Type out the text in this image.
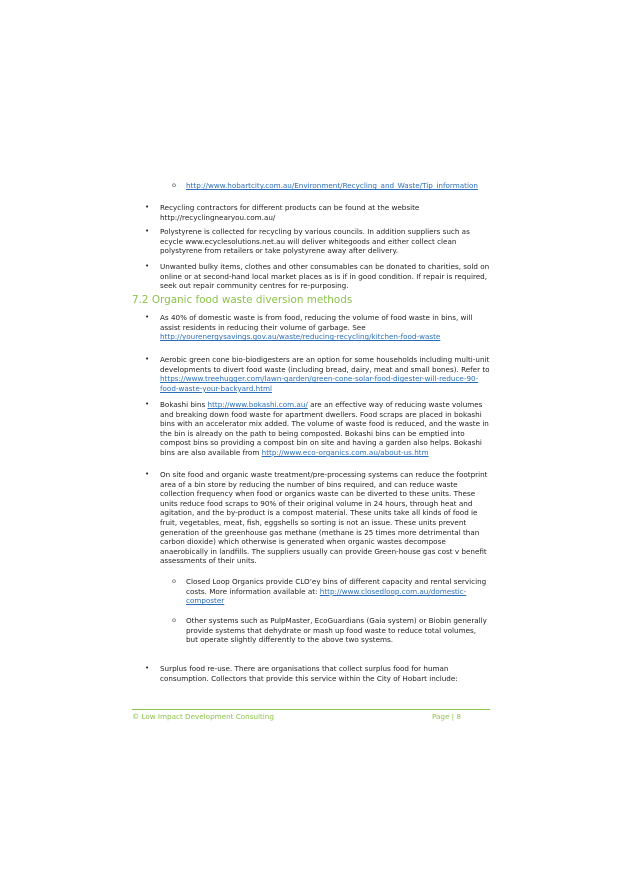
o http://www.hobartcity.com.au/Environment/Recycling_and_Waste/Tip_information
• Recycling contractors for different products can be found at the website http://recyclingnearyou.com.au/
• Polystyrene is collected for recycling by various councils. In addition suppliers such as ecycle www.ecyclesolutions.net.au will deliver whitegoods and either collect clean polystyrene from retailers or take polystyrene away after delivery.
• Unwanted bulky items, clothes and other consumables can be donated to charities, sold on online or at second-hand local market places as is if in good condition. If repair is required, seek out repair community centres for re-purposing.
7.2 Organic food waste diversion methods
• As 40% of domestic waste is from food, reducing the volume of food waste in bins, will assist residents in reducing their volume of garbage. See
http://yourenergysavings.gov.au/waste/reducing-recycling/kitchen-food-waste
• Aerobic green cone bio-biodigesters are an option for some households including multi-unit developments to divert food waste (including bread, dairy, meat and small bones). Refer to https://www.treehugger.com/lawn-garden/green-cone-solar-food-digester-will-reduce-90-food-waste-your-backyard.html
• Bokashi bins http://www.bokashi.com.au/ are an effective way of reducing waste volumes and breaking down food waste for apartment dwellers. Food scraps are placed in bokashi bins with an accelerator mix added. The volume of waste food is reduced, and the waste in the bin is already on the path to being composted. Bokashi bins can be emptied into compost bins so providing a compost bin on site and having a garden also helps. Bokashi bins are also available from http://www.eco-organics.com.au/about-us.htm
• On site food and organic waste treatment/pre-processing systems can reduce the footprint area of a bin store by reducing the number of bins required, and can reduce waste collection frequency when food or organics waste can be diverted to these units. These units reduce food scraps to 90% of their original volume in 24 hours, through heat and agitation, and the by-product is a compost material. These units take all kinds of food ie fruit, vegetables, meat, fish, eggshells so sorting is not an issue. These units prevent generation of the greenhouse gas methane (methane is 25 times more detrimental than carbon dioxide) which otherwise is generated when organic wastes decompose anaerobically in landfills. The suppliers usually can provide Green-house gas cost v benefit assessments of their units.
o Closed Loop Organics provide CLO’ey bins of different capacity and rental servicing costs. More information available at: http://www.closedloop.com.au/domestic-composter
o Other systems such as PulpMaster, EcoGuardians (Gaia system) or Biobin generally provide systems that dehydrate or mash up food waste to reduce total volumes, but operate slightly differently to the above two systems.
• Surplus food re-use. There are organisations that collect surplus food for human consumption. Collectors that provide this service within the City of Hobart include:
© Low Impact Development Consulting	Page | 8
